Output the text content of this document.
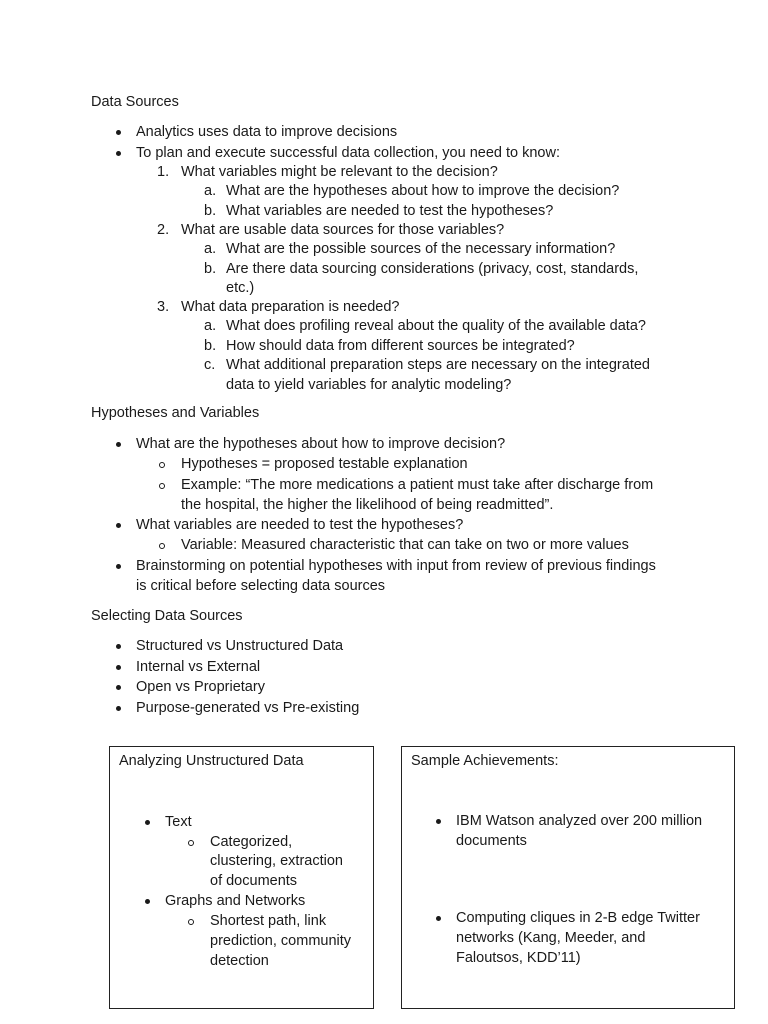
Data Sources
Analytics uses data to improve decisions
To plan and execute successful data collection, you need to know:
1. What variables might be relevant to the decision?
a. What are the hypotheses about how to improve the decision?
b. What variables are needed to test the hypotheses?
2. What are usable data sources for those variables?
a. What are the possible sources of the necessary information?
b. Are there data sourcing considerations (privacy, cost, standards,
etc.)
3. What data preparation is needed?
a. What does profiling reveal about the quality of the available data?
b. How should data from different sources be integrated?
c. What additional preparation steps are necessary on the integrated
data to yield variables for analytic modeling?
Hypotheses and Variables
What are the hypotheses about how to improve decision?
Hypotheses = proposed testable explanation
Example: “The more medications a patient must take after discharge from
the hospital, the higher the likelihood of being readmitted”.
What variables are needed to test the hypotheses?
Variable: Measured characteristic that can take on two or more values
Brainstorming on potential hypotheses with input from review of previous findings
is critical before selecting data sources
Selecting Data Sources
Structured vs Unstructured Data
Internal vs External
Open vs Proprietary
Purpose-generated vs Pre-existing
Analyzing Unstructured Data
Text
Categorized,
clustering, extraction
of documents
Graphs and Networks
Shortest path, link
prediction, community
detection
Sample Achievements:
IBM Watson analyzed over 200 million
documents
Computing cliques in 2-B edge Twitter
networks (Kang, Meeder, and
Faloutsos, KDD’11)
